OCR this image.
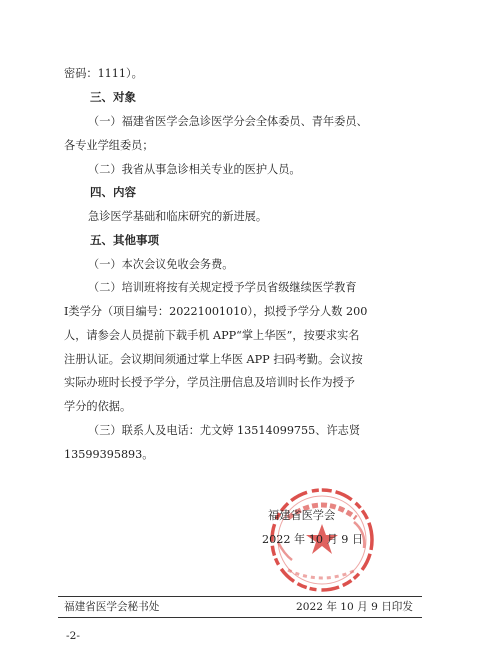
密码：1111）。
三、对象
（一）福建省医学会急诊医学分会全体委员、青年委员、
各专业学组委员；
（二）我省从事急诊相关专业的医护人员。
四、内容
急诊医学基础和临床研究的新进展。
五、其他事项
（一）本次会议免收会务费。
（二）培训班将按有关规定授予学员省级继续医学教育
Ⅰ类学分（项目编号：20221001010），拟授予学分人数 200
人，请参会人员提前下载手机 APP“掌上华医”，按要求实名
注册认证。会议期间须通过掌上华医 APP 扫码考勤。会议按
实际办班时长授予学分，学员注册信息及培训时长作为授予
学分的依据。
（三）联系人及电话：尤文婷 13514099755、许志贤
13599395893。
福建省医学会
2022 年 10 月 9 日
福建省医学会秘书处	2022 年 10 月 9 日印发
-2-
